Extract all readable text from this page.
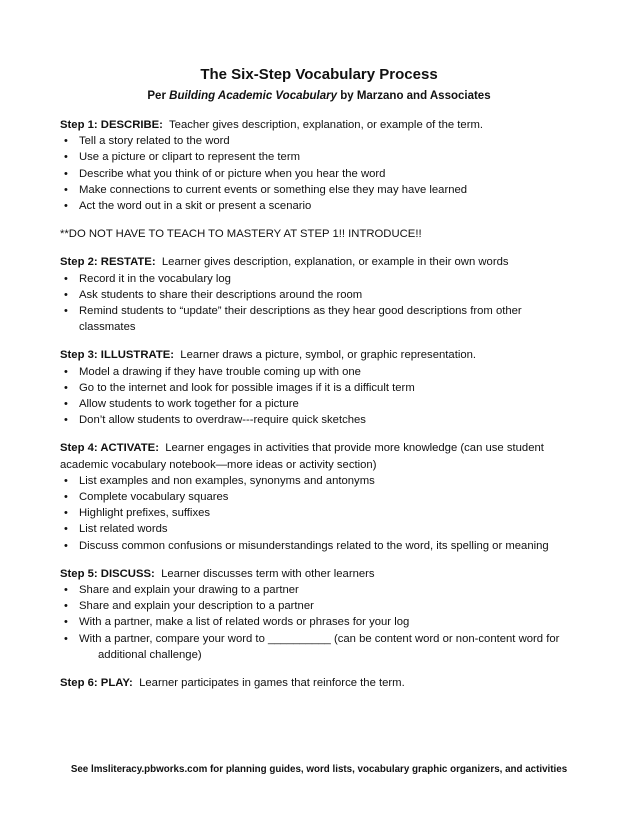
The Six-Step Vocabulary Process
Per Building Academic Vocabulary by Marzano and Associates

Step 1: DESCRIBE: Teacher gives description, explanation, or example of the term.

• Tell a story related to the word
• Use a picture or clipart to represent the term
• Describe what you think of or picture when you hear the word
• Make connections to current events or something else they may have learned
• Act the word out in a skit or present a scenario
**DO NOT HAVE TO TEACH TO MASTERY AT STEP 1!! INTRODUCE!!

Step 2: RESTATE: Learner gives description, explanation, or example in their own words

• Record it in the vocabulary log
• Ask students to share their descriptions around the room
• Remind students to “update” their descriptions as they hear good descriptions from other
classmates

Step 3: ILLUSTRATE: Learner draws a picture, symbol, or graphic representation.

• Model a drawing if they have trouble coming up with one
• Go to the internet and look for possible images if it is a difficult term
• Allow students to work together for a picture
• Don’t allow students to overdraw---require quick sketches

Step 4: ACTIVATE: Learner engages in activities that provide more knowledge (can use student

academic vocabulary notebook—more ideas or activity section)
• List examples and non examples, synonyms and antonyms
• Complete vocabulary squares
• Highlight prefixes, suffixes
• List related words
• Discuss common confusions or misunderstandings related to the word, its spelling or meaning

Step 5: DISCUSS: Learner discusses term with other learners

• Share and explain your drawing to a partner
• Share and explain your description to a partner
• With a partner, make a list of related words or phrases for your log
• With a partner, compare your word to __________ (can be content word or non-content word for
additional challenge)

Step 6: PLAY:  Learner participates in games that reinforce the term.

See lmsliteracy.pbworks.com for planning guides, word lists, vocabulary graphic organizers, and activities
